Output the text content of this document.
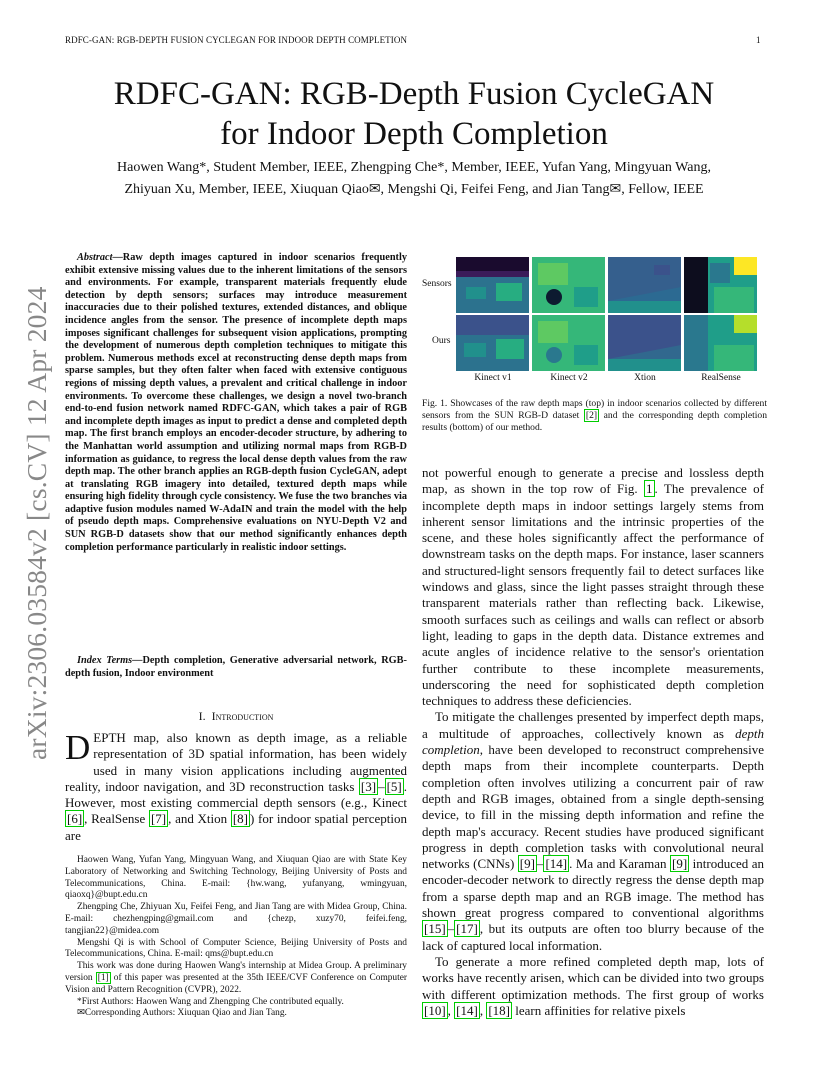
RDFC-GAN: RGB-DEPTH FUSION CYCLEGAN FOR INDOOR DEPTH COMPLETION	1
arXiv:2306.03584v2 [cs.CV] 12 Apr 2024
RDFC-GAN: RGB-Depth Fusion CycleGAN
for Indoor Depth Completion
Haowen Wang*, Student Member, IEEE, Zhengping Che*, Member, IEEE, Yufan Yang, Mingyuan Wang,
Zhiyuan Xu, Member, IEEE, Xiuquan Qiao✉, Mengshi Qi, Feifei Feng, and Jian Tang✉, Fellow, IEEE
Abstract—Raw depth images captured in indoor scenarios frequently exhibit extensive missing values due to the inherent limitations of the sensors and environments. For example, transparent materials frequently elude detection by depth sensors; surfaces may introduce measurement inaccuracies due to their polished textures, extended distances, and oblique incidence angles from the sensor. The presence of incomplete depth maps imposes significant challenges for subsequent vision applications, prompting the development of numerous depth completion techniques to mitigate this problem. Numerous methods excel at reconstructing dense depth maps from sparse samples, but they often falter when faced with extensive contiguous regions of missing depth values, a prevalent and critical challenge in indoor environments. To overcome these challenges, we design a novel two-branch end-to-end fusion network named RDFC-GAN, which takes a pair of RGB and incomplete depth images as input to predict a dense and completed depth map. The first branch employs an encoder-decoder structure, by adhering to the Manhattan world assumption and utilizing normal maps from RGB-D information as guidance, to regress the local dense depth values from the raw depth map. The other branch applies an RGB-depth fusion CycleGAN, adept at translating RGB imagery into detailed, textured depth maps while ensuring high fidelity through cycle consistency. We fuse the two branches via adaptive fusion modules named W-AdaIN and train the model with the help of pseudo depth maps. Comprehensive evaluations on NYU-Depth V2 and SUN RGB-D datasets show that our method significantly enhances depth completion performance particularly in realistic indoor settings.
Index Terms—Depth completion, Generative adversarial network, RGB-depth fusion, Indoor environment
I. Introduction
DEPTH map, also known as depth image, as a reliable representation of 3D spatial information, has been widely used in many vision applications including augmented reality, indoor navigation, and 3D reconstruction tasks [3] – [5] . However, most existing commercial depth sensors (e.g., Kinect [6] , RealSense [7] , and Xtion [8] ) for indoor spatial perception are

Haowen Wang, Yufan Yang, Mingyuan Wang, and Xiuquan Qiao are with State Key Laboratory of Networking and Switching Technology, Beijing University of Posts and Telecommunications, China. E-mail: {hw.wang, yufanyang, wmingyuan, qiaoxq}@bupt.edu.cn

Zhengping Che, Zhiyuan Xu, Feifei Feng, and Jian Tang are with Midea Group, China. E-mail: chezhengping@gmail.com and {chezp, xuzy70, feifei.feng, tangjian22}@midea.com

Mengshi Qi is with School of Computer Science, Beijing University of Posts and Telecommunications, China. E-mail: qms@bupt.edu.cn

This work was done during Haowen Wang's internship at Midea Group. A preliminary version [1] of this paper was presented at the 35th IEEE/CVF Conference on Computer Vision and Pattern Recognition (CVPR), 2022.

*First Authors: Haowen Wang and Zhengping Che contributed equally.

✉Corresponding Authors: Xiuquan Qiao and Jian Tang.

Sensors
Ours
Kinect v1	Kinect v2	Xtion	RealSense
Fig. 1. Showcases of the raw depth maps (top) in indoor scenarios collected by different sensors from the SUN RGB-D dataset [2] and the corresponding depth completion results (bottom) of our method.

not powerful enough to generate a precise and lossless depth map, as shown in the top row of Fig. 1 . The prevalence of incomplete depth maps in indoor settings largely stems from inherent sensor limitations and the intrinsic properties of the scene, and these holes significantly affect the performance of downstream tasks on the depth maps. For instance, laser scanners and structured-light sensors frequently fail to detect surfaces like windows and glass, since the light passes straight through these transparent materials rather than reflecting back. Likewise, smooth surfaces such as ceilings and walls can reflect or absorb light, leading to gaps in the depth data. Distance extremes and acute angles of incidence relative to the sensor's orientation further contribute to these incomplete measurements, underscoring the need for sophisticated depth completion techniques to address these deficiencies.

To mitigate the challenges presented by imperfect depth maps, a multitude of approaches, collectively known as depth completion, have been developed to reconstruct comprehensive depth maps from their incomplete counterparts. Depth completion often involves utilizing a concurrent pair of raw depth and RGB images, obtained from a single depth-sensing device, to fill in the missing depth information and refine the depth map's accuracy. Recent studies have produced significant progress in depth completion tasks with convolutional neural networks (CNNs) [9] – [14] . Ma and Karaman [9] introduced an encoder-decoder network to directly regress the dense depth map from a sparse depth map and an RGB image. The method has shown great progress compared to conventional algorithms [15] – [17] , but its outputs are often too blurry because of the lack of captured local information.

To generate a more refined completed depth map, lots of works have recently arisen, which can be divided into two groups with different optimization methods. The first group of works [10] , [14] , [18] learn affinities for relative pixels
